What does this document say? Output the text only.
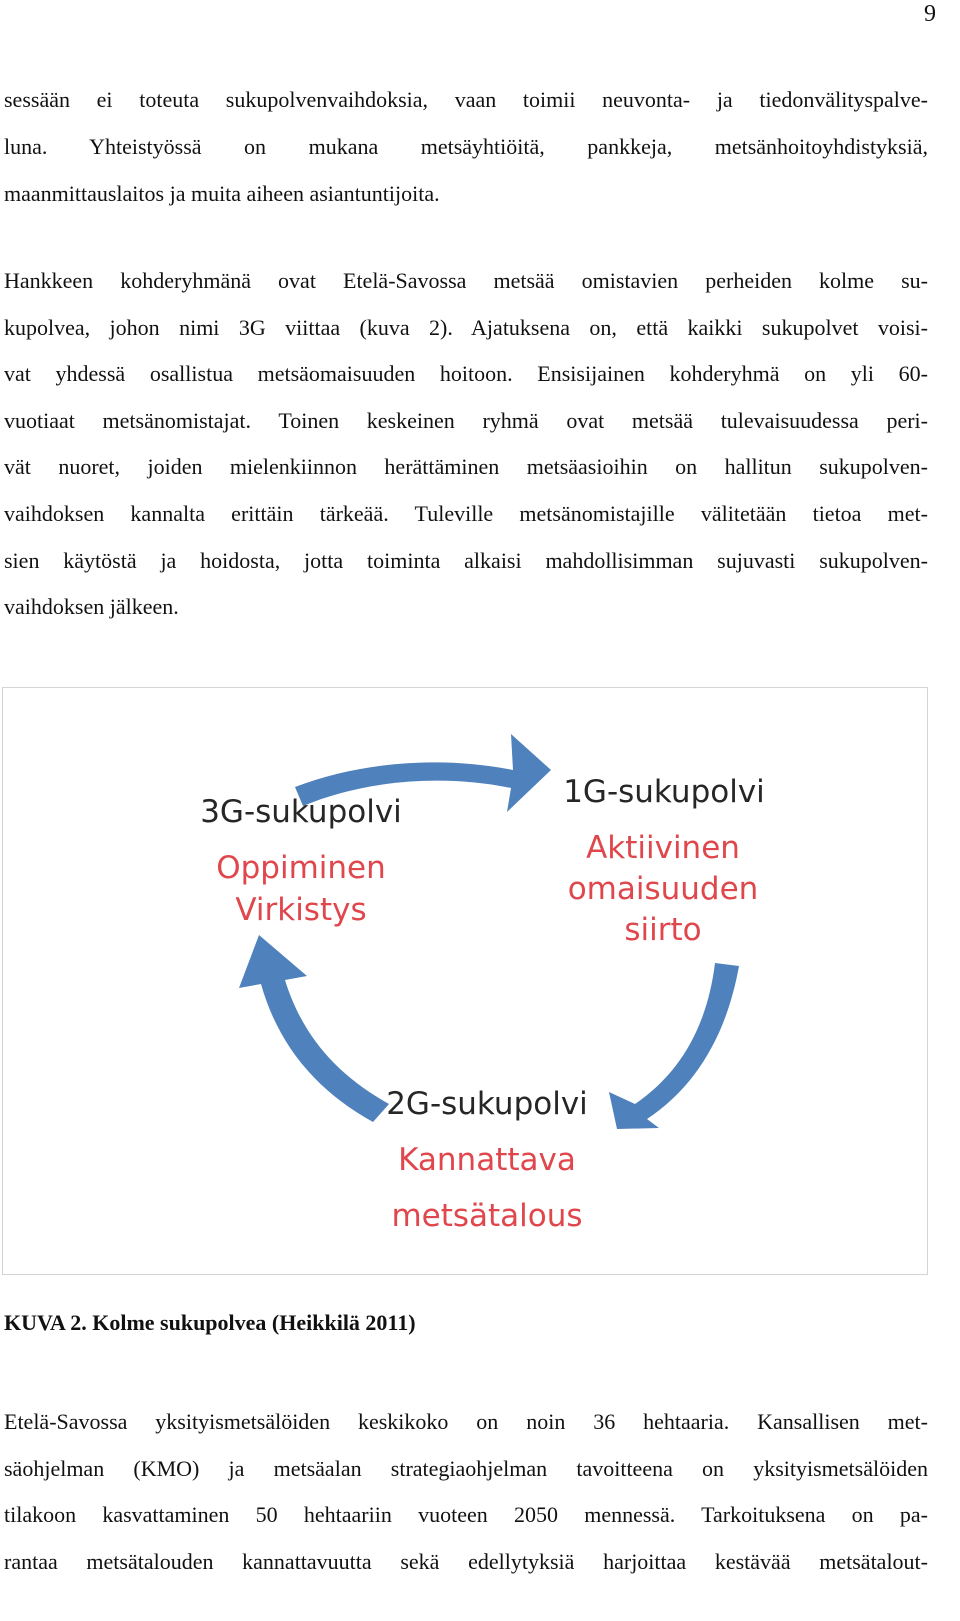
9
sessään ei toteuta sukupolvenvaihdoksia, vaan toimii neuvonta- ja tiedonvälityspalve-
luna. Yhteistyössä on mukana metsäyhtiöitä, pankkeja, metsänhoitoyhdistyksiä,
maanmittauslaitos ja muita aiheen asiantuntijoita.
Hankkeen kohderyhmänä ovat Etelä-Savossa metsää omistavien perheiden kolme su-
kupolvea, johon nimi 3G viittaa (kuva 2). Ajatuksena on, että kaikki sukupolvet voisi-
vat yhdessä osallistua metsäomaisuuden hoitoon. Ensisijainen kohderyhmä on yli 60-
vuotiaat metsänomistajat. Toinen keskeinen ryhmä ovat metsää tulevaisuudessa peri-
vät nuoret, joiden mielenkiinnon herättäminen metsäasioihin on hallitun sukupolven-
vaihdoksen kannalta erittäin tärkeää. Tuleville metsänomistajille välitetään tietoa met-
sien käytöstä ja hoidosta, jotta toiminta alkaisi mahdollisimman sujuvasti sukupolven-
vaihdoksen jälkeen.
1G-sukupolvi
Aktiivinen
omaisuuden
siirto
3G-sukupolvi
Oppiminen
Virkistys
2G-sukupolvi
Kannattava
metsätalous
KUVA 2. Kolme sukupolvea (Heikkilä 2011)
Etelä-Savossa yksityismetsälöiden keskikoko on noin 36 hehtaaria. Kansallisen met-
säohjelman (KMO) ja metsäalan strategiaohjelman tavoitteena on yksityismetsälöiden
tilakoon kasvattaminen 50 hehtaariin vuoteen 2050 mennessä. Tarkoituksena on pa-
rantaa metsätalouden kannattavuutta sekä edellytyksiä harjoittaa kestävää metsätalout-
